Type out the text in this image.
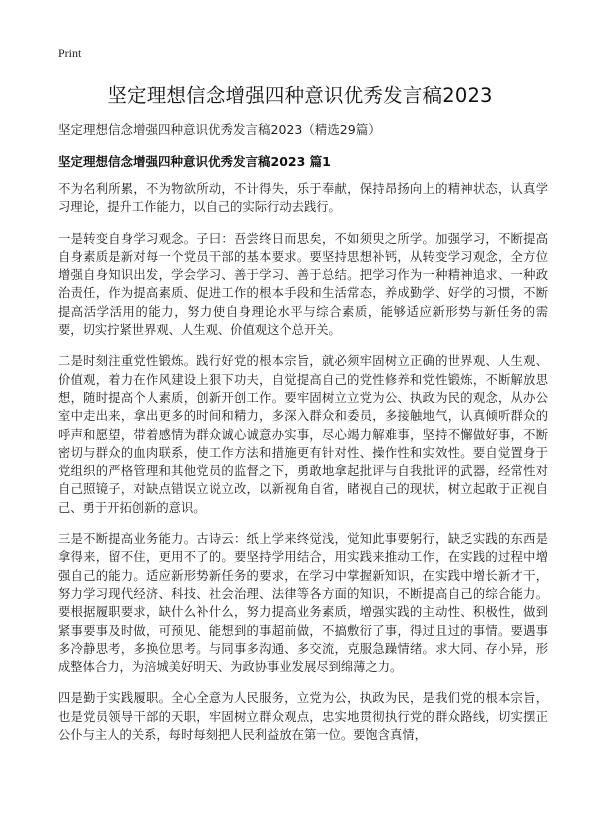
Print
坚定理想信念增强四种意识优秀发言稿2023

坚定理想信念增强四种意识优秀发言稿2023（精选29篇）

坚定理想信念增强四种意识优秀发言稿2023 篇1

不为名利所累，不为物欲所动，不计得失，乐于奉献，保持昂扬向上的精神状态，认真学习理论，提升工作能力，以自己的实际行动去践行。

一是转变自身学习观念。子曰：吾尝终日而思矣，不如须臾之所学。加强学习，不断提高自身素质是新对每一个党员干部的基本要求。要坚持思想补钙，从转变学习观念，全方位增强自身知识出发，学会学习、善于学习、善于总结。把学习作为一种精神追求、一种政治责任，作为提高素质、促进工作的根本手段和生活常态，养成勤学、好学的习惯，不断提高活学活用的能力，努力使自身理论水平与综合素质，能够适应新形势与新任务的需要，切实拧紧世界观、人生观、价值观这个总开关。

二是时刻注重党性锻炼。践行好党的根本宗旨，就必须牢固树立正确的世界观、人生观、价值观，着力在作风建设上狠下功夫，自觉提高自己的党性修养和党性锻炼，不断解放思想，随时提高个人素质，创新开创工作。要牢固树立立党为公、执政为民的观念，从办公室中走出来，拿出更多的时间和精力，多深入群众和委员，多接触地气，认真倾听群众的呼声和愿望，带着感情为群众诚心诚意办实事，尽心竭力解难事，坚持不懈做好事，不断密切与群众的血肉联系，使工作方法和措施更有针对性、操作性和实效性。要自觉置身于党组织的严格管理和其他党员的监督之下，勇敢地拿起批评与自我批评的武器，经常性对自己照镜子，对缺点错误立说立改，以新视角自省，睹视自己的现状，树立起敢于正视自己、勇于开拓创新的意识。

三是不断提高业务能力。古诗云：纸上学来终觉浅，觉知此事要躬行，缺乏实践的东西是拿得来，留不住，更用不了的。要坚持学用结合，用实践来推动工作，在实践的过程中增强自己的能力。适应新形势新任务的要求，在学习中掌握新知识，在实践中增长新才干，努力学习现代经济、科技、社会治理、法律等各方面的知识，不断提高自己的综合能力。要根据履职要求，缺什么补什么，努力提高业务素质，增强实践的主动性、积极性，做到紧事要事及时做，可预见、能想到的事超前做，不搞敷衍了事，得过且过的事情。要遇事多冷静思考，多换位思考。与同事多沟通、多交流，克服急躁情绪。求大同、存小异，形成整体合力，为涪城美好明天、为政协事业发展尽到绵薄之力。

四是勤于实践履职。全心全意为人民服务，立党为公，执政为民，是我们党的根本宗旨，也是党员领导干部的天职，牢固树立群众观点，忠实地贯彻执行党的群众路线，切实摆正公仆与主人的关系，每时每刻把人民利益放在第一位。要饱含真情，
